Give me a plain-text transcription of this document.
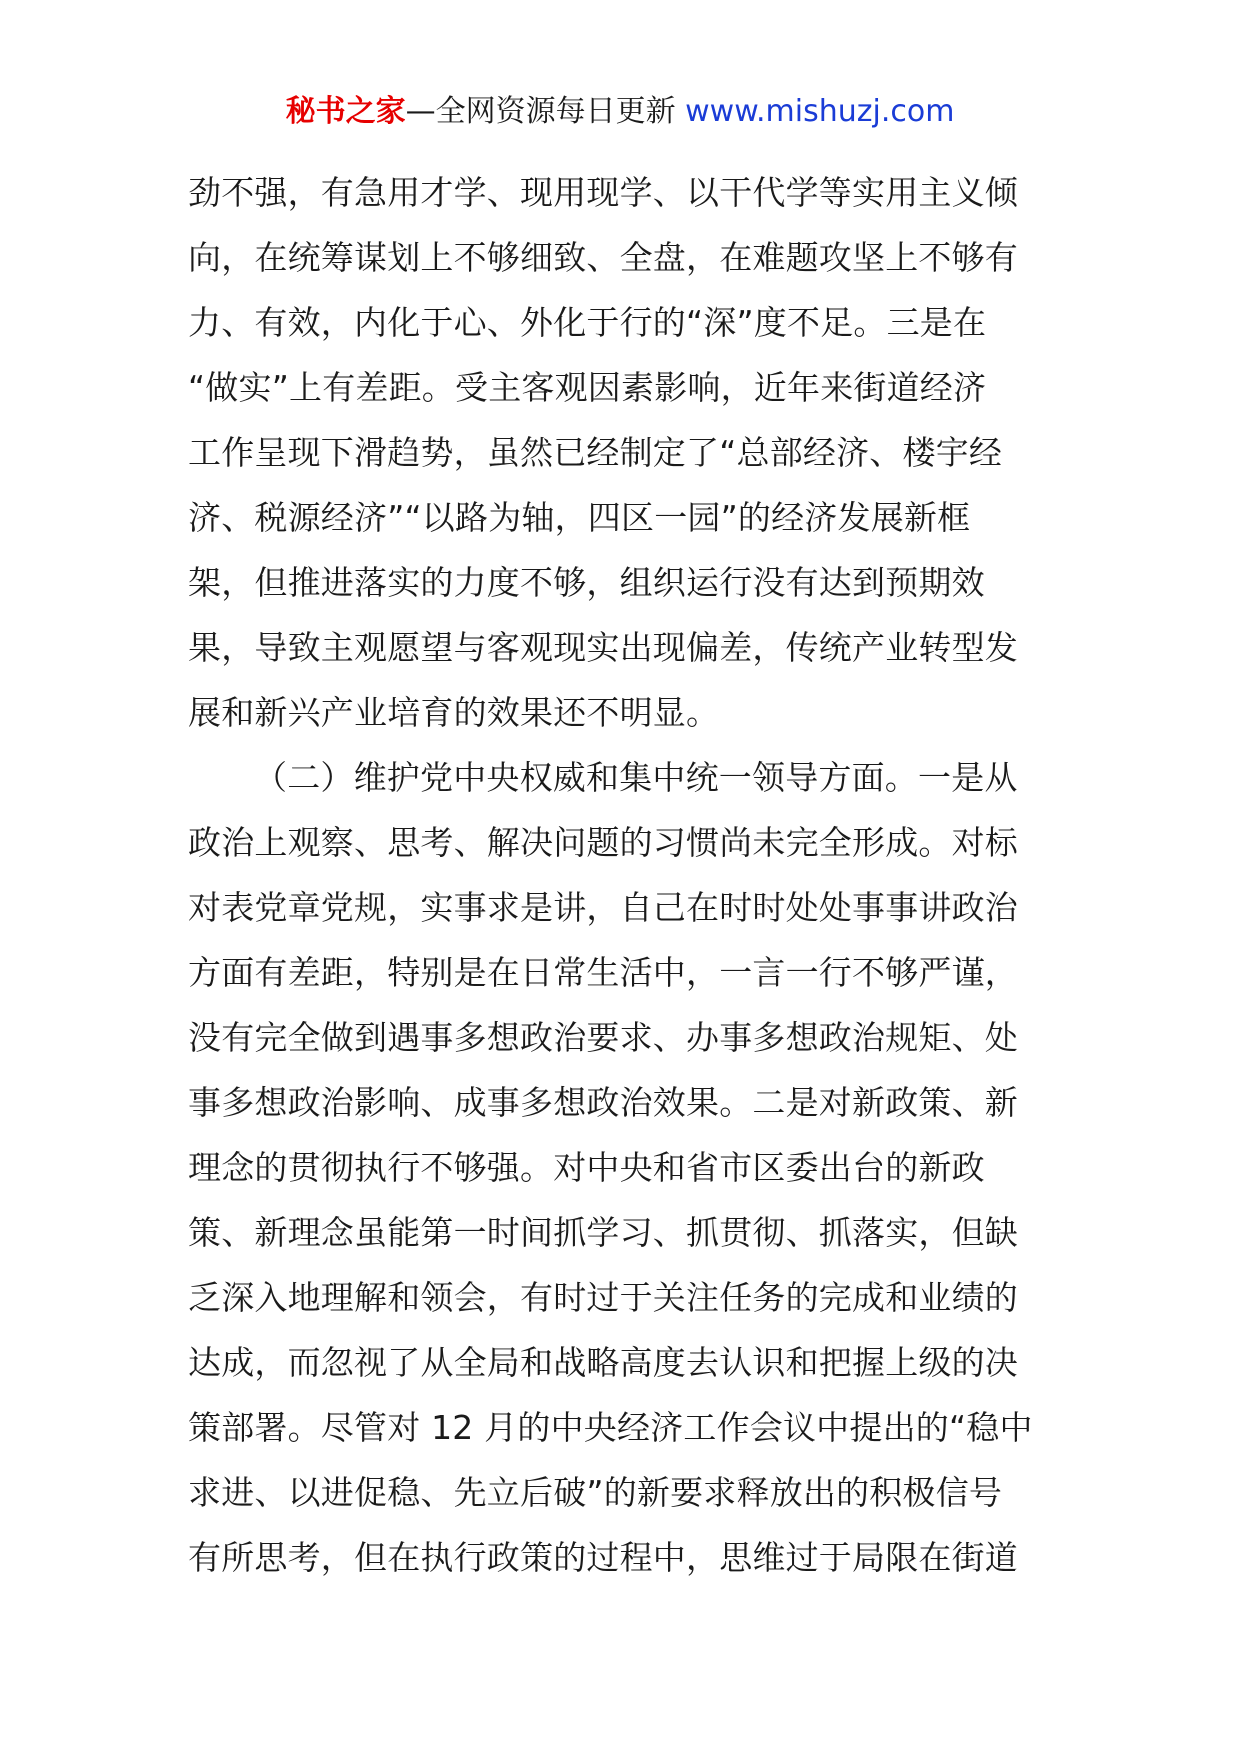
秘书之家—全网资源每日更新 www.mishuzj.com
劲不强，有急用才学、现用现学、以干代学等实用主义倾
向，在统筹谋划上不够细致、全盘，在难题攻坚上不够有
力、有效，内化于心、外化于行的“深”度不足。三是在
“做实”上有差距。受主客观因素影响，近年来街道经济
工作呈现下滑趋势，虽然已经制定了“总部经济、楼宇经
济、税源经济”“以路为轴，四区一园”的经济发展新框
架，但推进落实的力度不够，组织运行没有达到预期效
果，导致主观愿望与客观现实出现偏差，传统产业转型发
展和新兴产业培育的效果还不明显。
（二）维护党中央权威和集中统一领导方面。一是从
政治上观察、思考、解决问题的习惯尚未完全形成。对标
对表党章党规，实事求是讲，自己在时时处处事事讲政治
方面有差距，特别是在日常生活中，一言一行不够严谨，
没有完全做到遇事多想政治要求、办事多想政治规矩、处
事多想政治影响、成事多想政治效果。二是对新政策、新
理念的贯彻执行不够强。对中央和省市区委出台的新政
策、新理念虽能第一时间抓学习、抓贯彻、抓落实，但缺
乏深入地理解和领会，有时过于关注任务的完成和业绩的
达成，而忽视了从全局和战略高度去认识和把握上级的决
策部署。尽管对 12 月的中央经济工作会议中提出的“稳中
求进、以进促稳、先立后破”的新要求释放出的积极信号
有所思考，但在执行政策的过程中，思维过于局限在街道
